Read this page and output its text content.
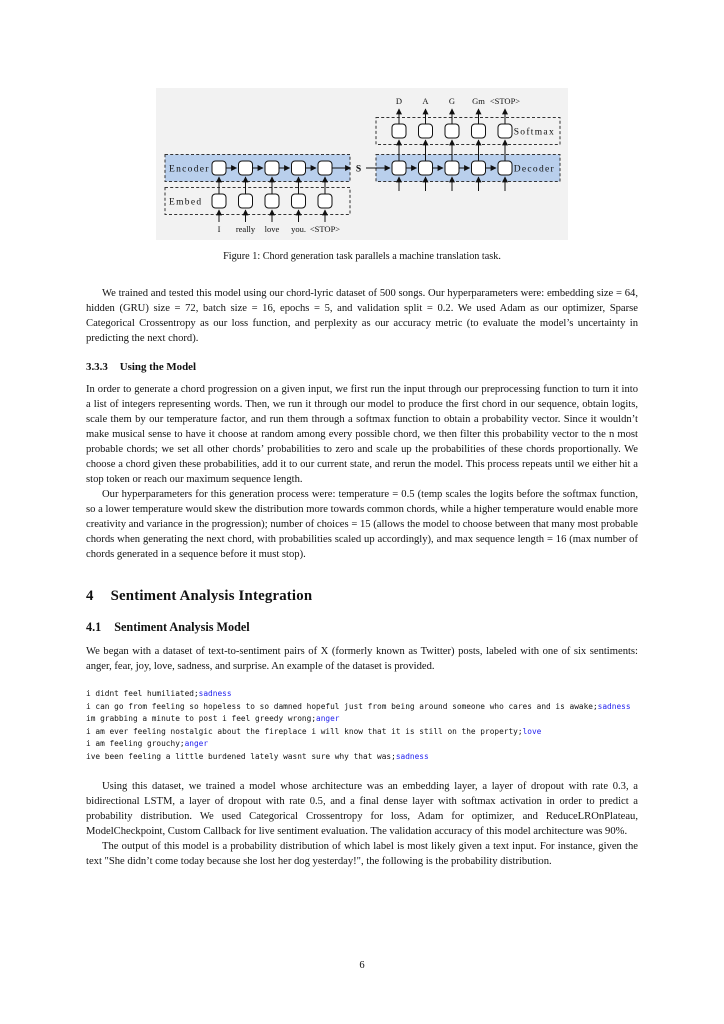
Encoder
Embed
Decoder
Softmax
S
I really love you. <STOP>
D A G Gm <STOP>
Figure 1: Chord generation task parallels a machine translation task.

We trained and tested this model using our chord-lyric dataset of 500 songs. Our hyperparameters were: embedding size = 64, hidden (GRU) size = 72, batch size = 16, epochs = 5, and validation split = 0.2. We used Adam as our optimizer, Sparse Categorical Crossentropy as our loss function, and perplexity as our accuracy metric (to evaluate the model’s uncertainty in predicting the next chord).

3.3.3 Using the Model

In order to generate a chord progression on a given input, we first run the input through our preprocessing function to turn it into a list of integers representing words. Then, we run it through our model to produce the first chord in our sequence, obtain logits, scale them by our temperature factor, and run them through a softmax function to obtain a probability vector. Since it wouldn’t make musical sense to have it choose at random among every possible chord, we then filter this probability vector to the n most probable chords; we set all other chords’ probabilities to zero and scale up the probabilities of these chords proportionally. We choose a chord given these probabilities, add it to our current state, and rerun the model. This process repeats until we either hit a stop token or reach our maximum sequence length.

Our hyperparameters for this generation process were: temperature = 0.5 (temp scales the logits before the softmax function, so a lower temperature would skew the distribution more towards common chords, while a higher temperature would enable more creativity and variance in the progression); number of choices = 15 (allows the model to choose between that many most probable chords when generating the next chord, with probabilities scaled up accordingly), and max sequence length = 16 (max number of chords generated in a sequence before it must stop).

4 Sentiment Analysis Integration
4.1 Sentiment Analysis Model

We began with a dataset of text-to-sentiment pairs of X (formerly known as Twitter) posts, labeled with one of six sentiments: anger, fear, joy, love, sadness, and surprise. An example of the dataset is provided.

i didnt feel humiliated;sadness
i can go from feeling so hopeless to so damned hopeful just from being around someone who cares and is awake;sadness
im grabbing a minute to post i feel greedy wrong;anger
i am ever feeling nostalgic about the fireplace i will know that it is still on the property;love
i am feeling grouchy;anger
ive been feeling a little burdened lately wasnt sure why that was;sadness

Using this dataset, we trained a model whose architecture was an embedding layer, a layer of dropout with rate 0.3, a bidirectional LSTM, a layer of dropout with rate 0.5, and a final dense layer with softmax activation in order to predict a probability distribution. We used Categorical Crossentropy for loss, Adam for optimizer, and ReduceLROnPlateau, ModelCheckpoint, Custom Callback for live sentiment evaluation. The validation accuracy of this model architecture was 90%.

The output of this model is a probability distribution of which label is most likely given a text input. For instance, given the text "She didn’t come today because she lost her dog yesterday!", the following is the probability distribution.

6
